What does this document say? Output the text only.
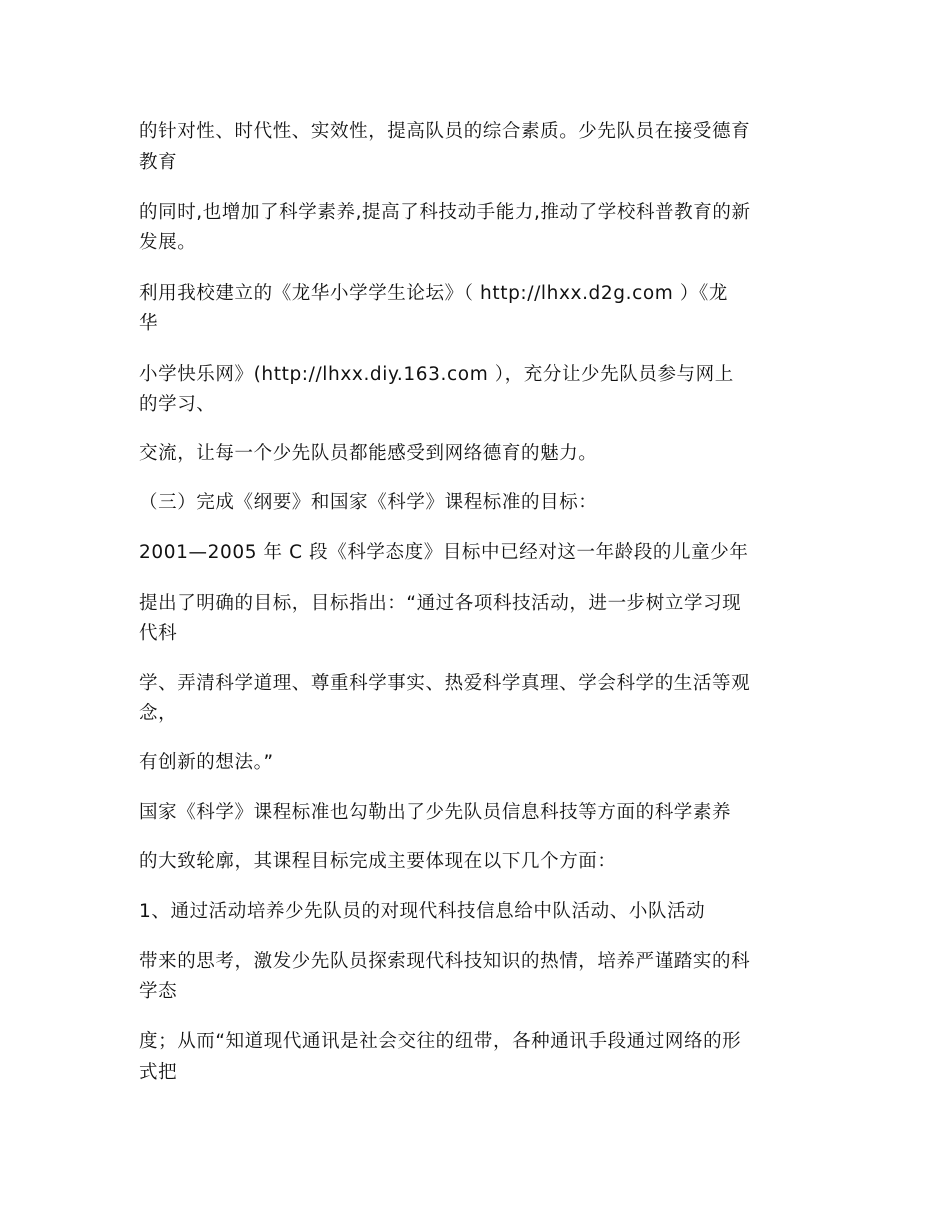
的针对性、时代性、实效性，提高队员的综合素质。少先队员在接受德育

教育

的同时,也增加了科学素养,提高了科技动手能力,推动了学校科普教育的新

发展。

利用我校建立的《龙华小学学生论坛》（ http://lhxx.d2g.com ）《龙

华

小学快乐网》(http://lhxx.diy.163.com ），充分让少先队员参与网上

的学习、

交流，让每一个少先队员都能感受到网络德育的魅力。

（三）完成《纲要》和国家《科学》课程标准的目标：

2001—2005 年 C 段《科学态度》目标中已经对这一年龄段的儿童少年

提出了明确的目标，目标指出：“通过各项科技活动，进一步树立学习现

代科

学、弄清科学道理、尊重科学事实、热爱科学真理、学会科学的生活等观

念，

有创新的想法。”

国家《科学》课程标准也勾勒出了少先队员信息科技等方面的科学素养

的大致轮廓，其课程目标完成主要体现在以下几个方面：

1、通过活动培养少先队员的对现代科技信息给中队活动、小队活动

带来的思考，激发少先队员探索现代科技知识的热情，培养严谨踏实的科

学态

度；从而“知道现代通讯是社会交往的纽带，各种通讯手段通过网络的形

式把
